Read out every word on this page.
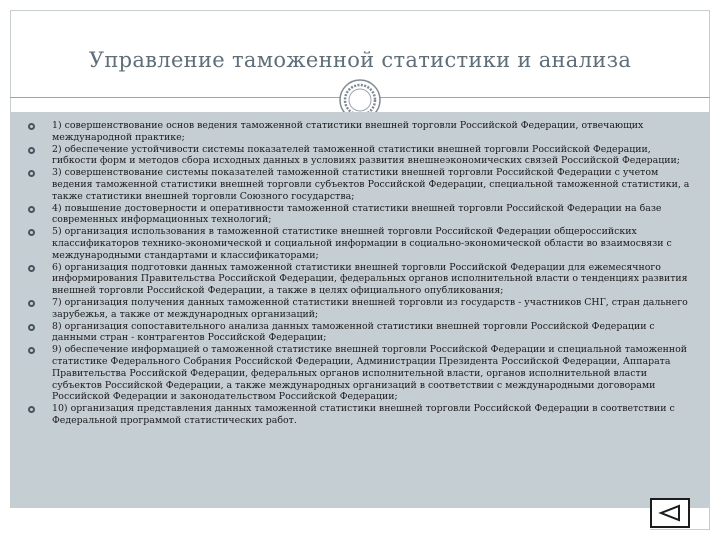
Управление таможенной статистики и анализа
1) совершенствование основ ведения таможенной статистики внешней торговли Российской Федерации, отвечающих международной практике;
2) обеспечение устойчивости системы показателей таможенной статистики внешней торговли Российской Федерации, гибкости форм и методов сбора исходных данных в условиях развития внешнеэкономических связей Российской Федерации;
3) совершенствование системы показателей таможенной статистики внешней торговли Российской Федерации с учетом ведения таможенной статистики внешней торговли субъектов Российской Федерации, специальной таможенной статистики, а также статистики внешней торговли Союзного государства;
4) повышение достоверности и оперативности таможенной статистики внешней торговли Российской Федерации на базе современных информационных технологий;
5) организация использования в таможенной статистике внешней торговли Российской Федерации общероссийских классификаторов технико-экономической и социальной информации в социально-экономической области во взаимосвязи с международными стандартами и классификаторами;
6) организация подготовки данных таможенной статистики внешней торговли Российской Федерации для ежемесячного информирования Правительства Российской Федерации, федеральных органов исполнительной власти о тенденциях развития внешней торговли Российской Федерации, а также в целях официального опубликования;
7) организация получения данных таможенной статистики внешней торговли из государств - участников СНГ, стран дальнего зарубежья, а также от международных организаций;
8) организация сопоставительного анализа данных таможенной статистики внешней торговли Российской Федерации с данными стран - контрагентов Российской Федерации;
9) обеспечение информацией о таможенной статистике внешней торговли Российской Федерации и специальной таможенной статистике Федерального Собрания Российской Федерации, Администрации Президента Российской Федерации, Аппарата Правительства Российской Федерации, федеральных органов исполнительной власти, органов исполнительной власти субъектов Российской Федерации, а также международных организаций в соответствии с международными договорами Российской Федерации и законодательством Российской Федерации;
10) организация представления данных таможенной статистики внешней торговли Российской Федерации в соответствии с Федеральной программой статистических работ.
